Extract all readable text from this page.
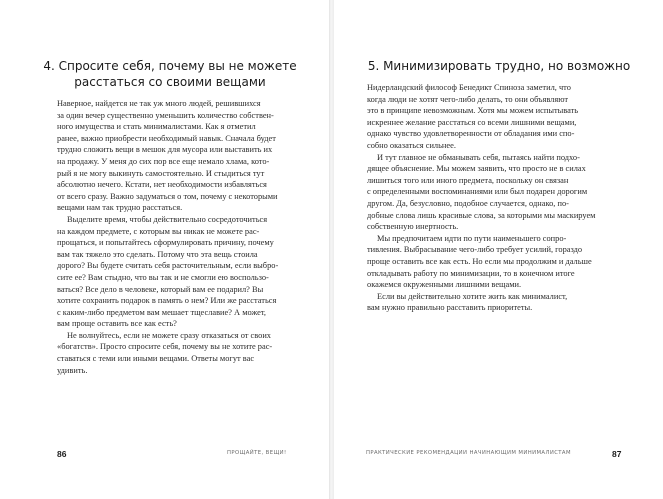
4. Спросите себя, почему вы не можете
расстаться со своими вещами
Наверное, найдется не так уж много людей, решившихся
за один вечер существенно уменьшить количество собствен-
ного имущества и стать минималистами. Как я отметил
ранее, важно приобрести необходимый навык. Сначала будет
трудно сложить вещи в мешок для мусора или выставить их
на продажу. У меня до сих пор все еще немало хлама, кото-
рый я не могу выкинуть самостоятельно. И стыдиться тут
абсолютно нечего. Кстати, нет необходимости избавляться
от всего сразу. Важно задуматься о том, почему с некоторыми
вещами нам так трудно расстаться.
Выделите время, чтобы действительно сосредоточиться
на каждом предмете, с которым вы никак не можете рас-
прощаться, и попытайтесь сформулировать причину, почему
вам так тяжело это сделать. Потому что эта вещь стоила
дорого? Вы будете считать себя расточительным, если выбро-
сите ее? Вам стыдно, что вы так и не смогли ею воспользо-
ваться? Все дело в человеке, который вам ее подарил? Вы
хотите сохранить подарок в память о нем? Или же расстаться
с каким-либо предметом вам мешает тщеславие? А может,
вам проще оставить все как есть?
Не волнуйтесь, если не можете сразу отказаться от своих
«богатств». Просто спросите себя, почему вы не хотите рас-
ставаться с теми или иными вещами. Ответы могут вас
удивить.
86	ПРОЩАЙТЕ, ВЕЩИ!
5. Минимизировать трудно, но возможно
Нидерландский философ Бенедикт Спиноза заметил, что
когда люди не хотят чего-либо делать, то они объявляют
это в принципе невозможным. Хотя мы можем испытывать
искреннее желание расстаться со всеми лишними вещами,
однако чувство удовлетворенности от обладания ими спо-
собно оказаться сильнее.
И тут главное не обманывать себя, пытаясь найти подхо-
дящее объяснение. Мы можем заявить, что просто не в силах
лишиться того или иного предмета, поскольку он связан
с определенными воспоминаниями или был подарен дорогим
другом. Да, безусловно, подобное случается, однако, по-
добные слова лишь красивые слова, за которыми мы маскируем
собственную инертность.
Мы предпочитаем идти по пути наименьшего сопро-
тивления. Выбрасывание чего-либо требует усилий, гораздо
проще оставить все как есть. Но если мы продолжим и дальше
откладывать работу по минимизации, то в конечном итоге
окажемся окруженными лишними вещами.
Если вы действительно хотите жить как минималист,
вам нужно правильно расставить приоритеты.
ПРАКТИЧЕСКИЕ РЕКОМЕНДАЦИИ НАЧИНАЮЩИМ МИНИМАЛИСТАМ	87
